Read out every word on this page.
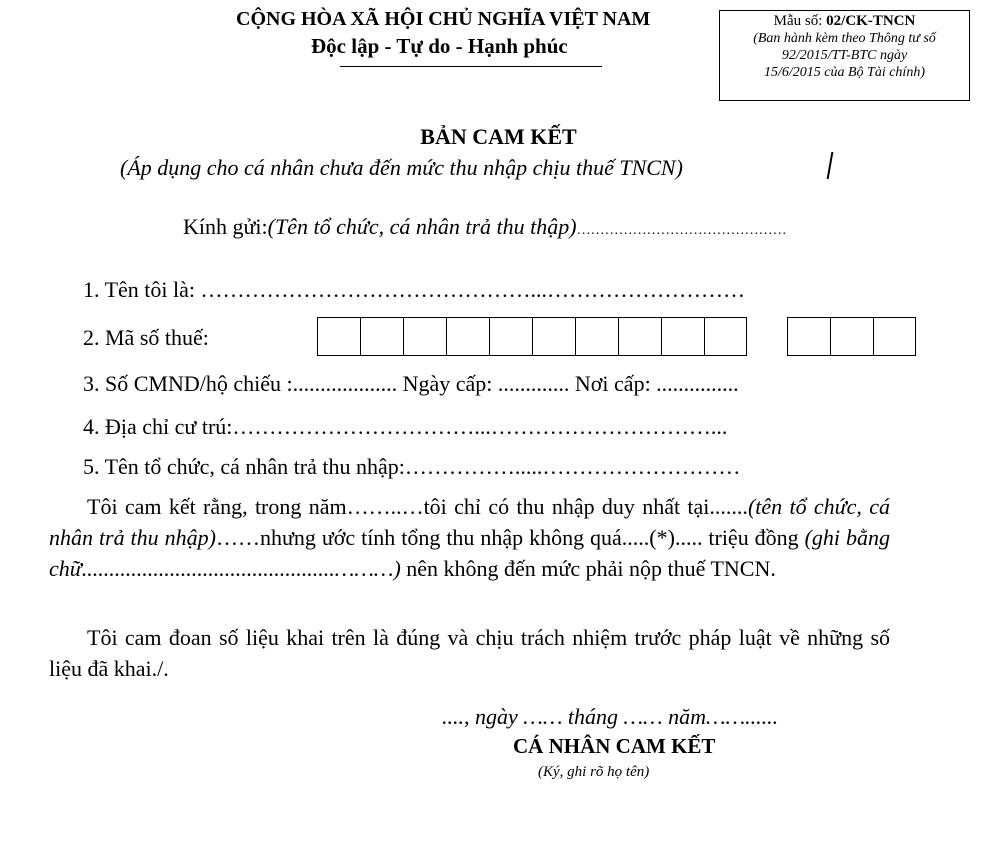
CỘNG HÒA XÃ HỘI CHỦ NGHĨA VIỆT NAM
Độc lập - Tự do - Hạnh phúc
Mẫu số: 02/CK-TNCN
(Ban hành kèm theo Thông tư số
92/2015/TT-BTC ngày
15/6/2015 của Bộ Tài chính)
BẢN CAM KẾT
(Áp dụng cho cá nhân chưa đến mức thu nhập chịu thuế TNCN)
Kính gửi:(Tên tổ chức, cá nhân trả thu thập)………………………………………
1. Tên tôi là: ………………………………………...………………………
2. Mã số thuế:
3. Số CMND/hộ chiếu :................... Ngày cấp: ............. Nơi cấp: ...............
4. Địa chỉ cư trú:……………………………...…………………………...
5. Tên tổ chức, cá nhân trả thu nhập:…………….....………………………
Tôi cam kết rằng, trong năm……..…tôi chỉ có thu nhập duy nhất tại.......(tên tổ chức, cá nhân trả thu nhập)……nhưng ước tính tổng thu nhập không quá.....(*)..... triệu đồng (ghi bằng chữ..............................................………) nên không đến mức phải nộp thuế TNCN.
Tôi cam đoan số liệu khai trên là đúng và chịu trách nhiệm trước pháp luật về những số liệu đã khai./.
...., ngày …… tháng …… năm……......
CÁ NHÂN CAM KẾT
(Ký, ghi rõ họ tên)
